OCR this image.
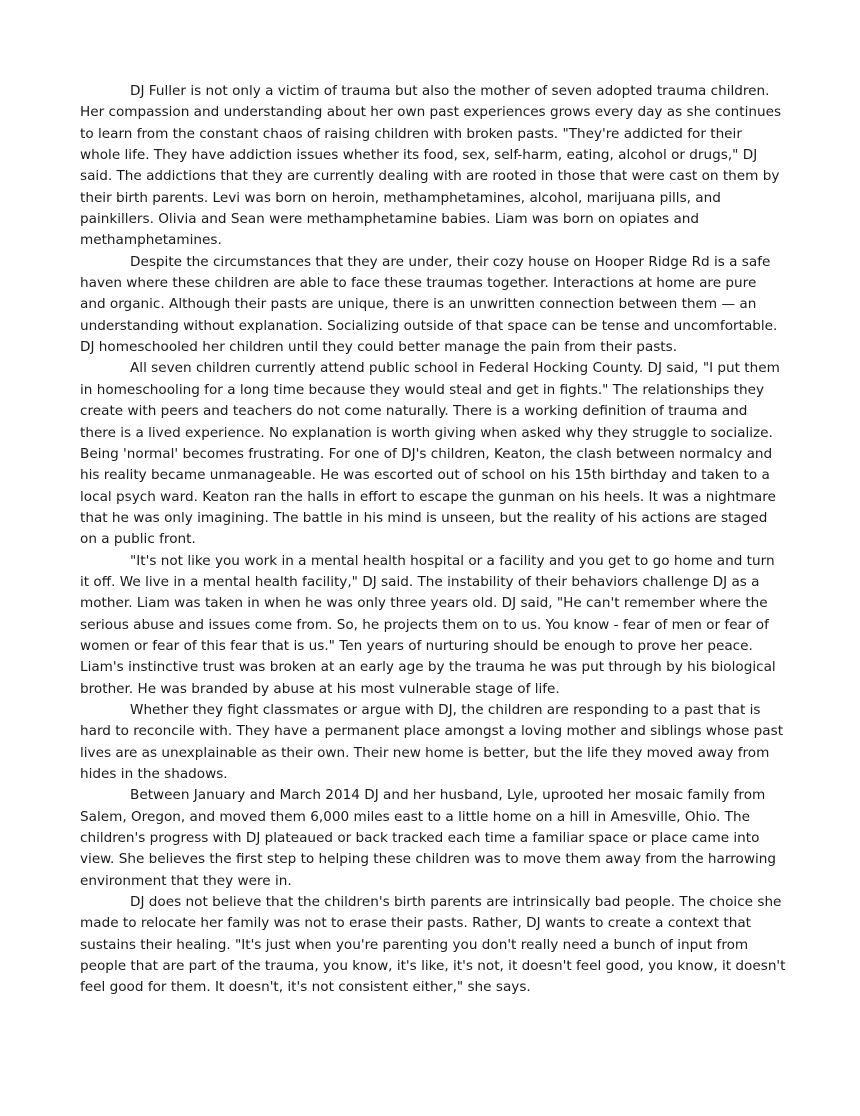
DJ Fuller is not only a victim of trauma but also the mother of seven adopted trauma children. Her compassion and understanding about her own past experiences grows every day as she continues to learn from the constant chaos of raising children with broken pasts. "They're addicted for their whole life. They have addiction issues whether its food, sex, self-harm, eating, alcohol or drugs," DJ said. The addictions that they are currently dealing with are rooted in those that were cast on them by their birth parents. Levi was born on heroin, methamphetamines, alcohol, marijuana pills, and painkillers. Olivia and Sean were methamphetamine babies. Liam was born on opiates and methamphetamines.

Despite the circumstances that they are under, their cozy house on Hooper Ridge Rd is a safe haven where these children are able to face these traumas together. Interactions at home are pure and organic. Although their pasts are unique, there is an unwritten connection between them — an understanding without explanation. Socializing outside of that space can be tense and uncomfortable. DJ homeschooled her children until they could better manage the pain from their pasts.

All seven children currently attend public school in Federal Hocking County. DJ said, "I put them in homeschooling for a long time because they would steal and get in fights." The relationships they create with peers and teachers do not come naturally. There is a working definition of trauma and there is a lived experience. No explanation is worth giving when asked why they struggle to socialize. Being 'normal' becomes frustrating. For one of DJ's children, Keaton, the clash between normalcy and his reality became unmanageable. He was escorted out of school on his 15th birthday and taken to a local psych ward. Keaton ran the halls in effort to escape the gunman on his heels. It was a nightmare that he was only imagining. The battle in his mind is unseen, but the reality of his actions are staged on a public front.

"It's not like you work in a mental health hospital or a facility and you get to go home and turn it off. We live in a mental health facility," DJ said. The instability of their behaviors challenge DJ as a mother. Liam was taken in when he was only three years old. DJ said, "He can't remember where the serious abuse and issues come from. So, he projects them on to us. You know - fear of men or fear of women or fear of this fear that is us." Ten years of nurturing should be enough to prove her peace. Liam's instinctive trust was broken at an early age by the trauma he was put through by his biological brother. He was branded by abuse at his most vulnerable stage of life.

Whether they fight classmates or argue with DJ, the children are responding to a past that is hard to reconcile with. They have a permanent place amongst a loving mother and siblings whose past lives are as unexplainable as their own. Their new home is better, but the life they moved away from hides in the shadows.

Between January and March 2014 DJ and her husband, Lyle, uprooted her mosaic family from Salem, Oregon, and moved them 6,000 miles east to a little home on a hill in Amesville, Ohio. The children's progress with DJ plateaued or back tracked each time a familiar space or place came into view. She believes the first step to helping these children was to move them away from the harrowing environment that they were in.

DJ does not believe that the children's birth parents are intrinsically bad people. The choice she made to relocate her family was not to erase their pasts. Rather, DJ wants to create a context that sustains their healing. "It's just when you're parenting you don't really need a bunch of input from people that are part of the trauma, you know, it's like, it's not, it doesn't feel good, you know, it doesn't feel good for them. It doesn't, it's not consistent either," she says.
